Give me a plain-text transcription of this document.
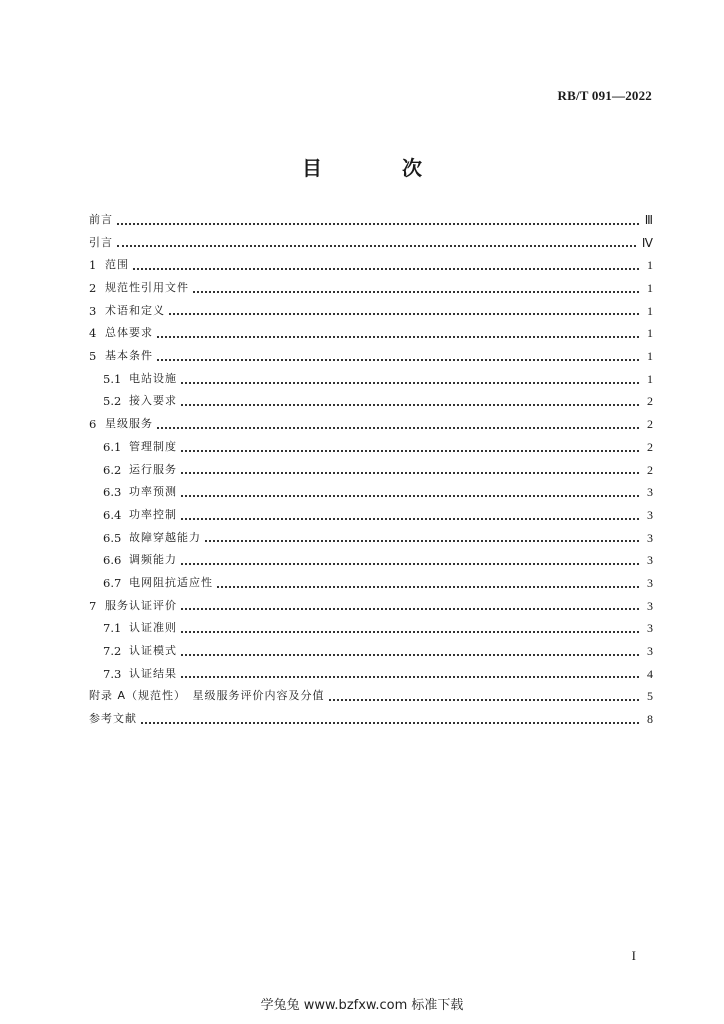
RB/T 091—2022
目　次
前言	Ⅲ
引言	Ⅳ
1 范围	1
2 规范性引用文件	1
3 术语和定义	1
4 总体要求	1
5 基本条件	1
5.1 电站设施	1
5.2 接入要求	2
6 星级服务	2
6.1 管理制度	2
6.2 运行服务	2
6.3 功率预测	3
6.4 功率控制	3
6.5 故障穿越能力	3
6.6 调频能力	3
6.7 电网阻抗适应性	3
7 服务认证评价	3
7.1 认证准则	3
7.2 认证模式	3
7.3 认证结果	4
附录 A（规范性）　星级服务评价内容及分值	5
参考文献	8
I
学兔兔 www.bzfxw.com 标准下载
